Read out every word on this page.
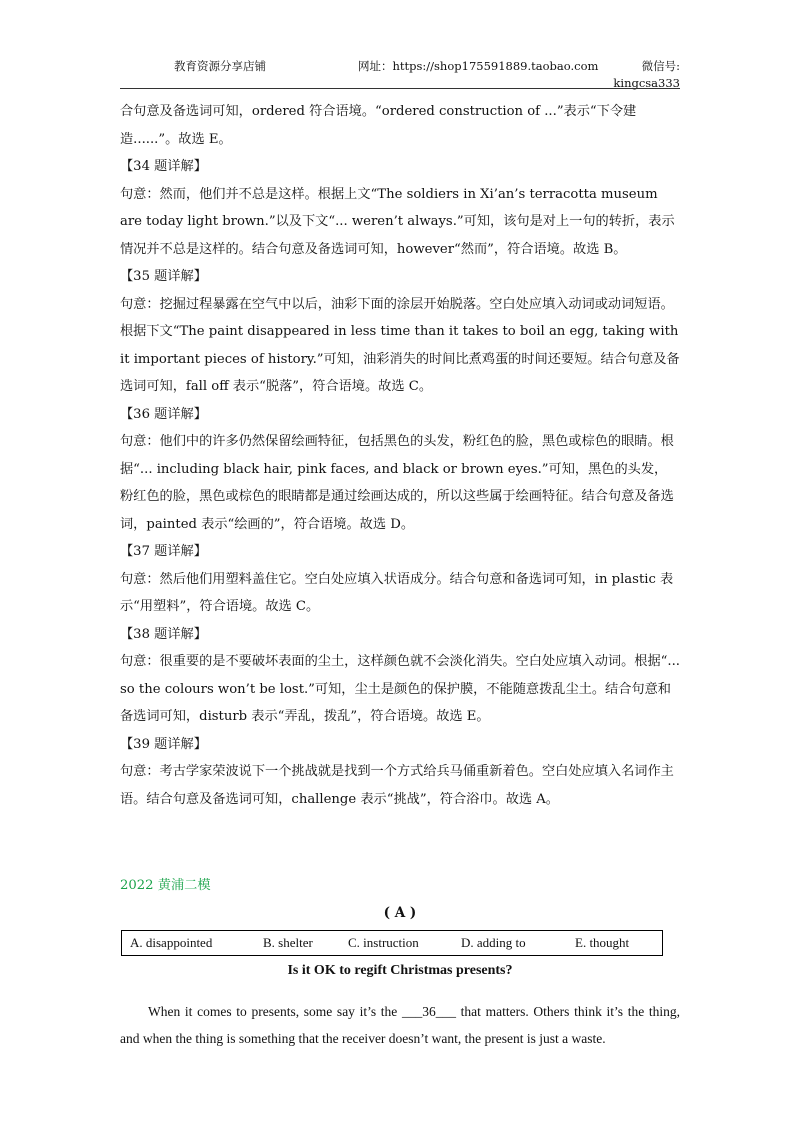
教育资源分享店铺	网址：https://shop175591889.taobao.com	微信号:
kingcsa333

合句意及备选词可知，ordered 符合语境。“ordered construction of ...”表示“下令建造......”。故选 E。

【34 题详解】

句意：然而，他们并不总是这样。根据上文“The soldiers in Xi’an’s terracotta museum are today light brown.”以及下文“... weren’t always.”可知，该句是对上一句的转折，表示情况并不总是这样的。结合句意及备选词可知，however“然而”，符合语境。故选 B。

【35 题详解】

句意：挖掘过程暴露在空气中以后，油彩下面的涂层开始脱落。空白处应填入动词或动词短语。根据下文“The paint disappeared in less time than it takes to boil an egg, taking with it important pieces of history.”可知，油彩消失的时间比煮鸡蛋的时间还要短。结合句意及备选词可知，fall off 表示“脱落”，符合语境。故选 C。

【36 题详解】

句意：他们中的许多仍然保留绘画特征，包括黑色的头发，粉红色的脸，黑色或棕色的眼睛。根据“... including black hair, pink faces, and black or brown eyes.”可知，黑色的头发，粉红色的脸，黑色或棕色的眼睛都是通过绘画达成的，所以这些属于绘画特征。结合句意及备选词，painted 表示“绘画的”，符合语境。故选 D。

【37 题详解】

句意：然后他们用塑料盖住它。空白处应填入状语成分。结合句意和备选词可知，in plastic 表示“用塑料”，符合语境。故选 C。

【38 题详解】

句意：很重要的是不要破坏表面的尘土，这样颜色就不会淡化消失。空白处应填入动词。根据“... so the colours won’t be lost.”可知，尘土是颜色的保护膜，不能随意拨乱尘土。结合句意和备选词可知，disturb 表示“弄乱，拨乱”，符合语境。故选 E。

【39 题详解】

句意：考古学家荣波说下一个挑战就是找到一个方式给兵马俑重新着色。空白处应填入名词作主语。结合句意及备选词可知，challenge 表示“挑战”，符合浴巾。故选 A。

2022 黄浦二模
( A )
A. disappointed	B. shelter	C. instruction	D. adding to	E. thought
Is it OK to regift Christmas presents?

When it comes to presents, some say it’s the ___36___ that matters. Others think it’s the thing, and when the thing is something that the receiver doesn’t want, the present is just a waste.
